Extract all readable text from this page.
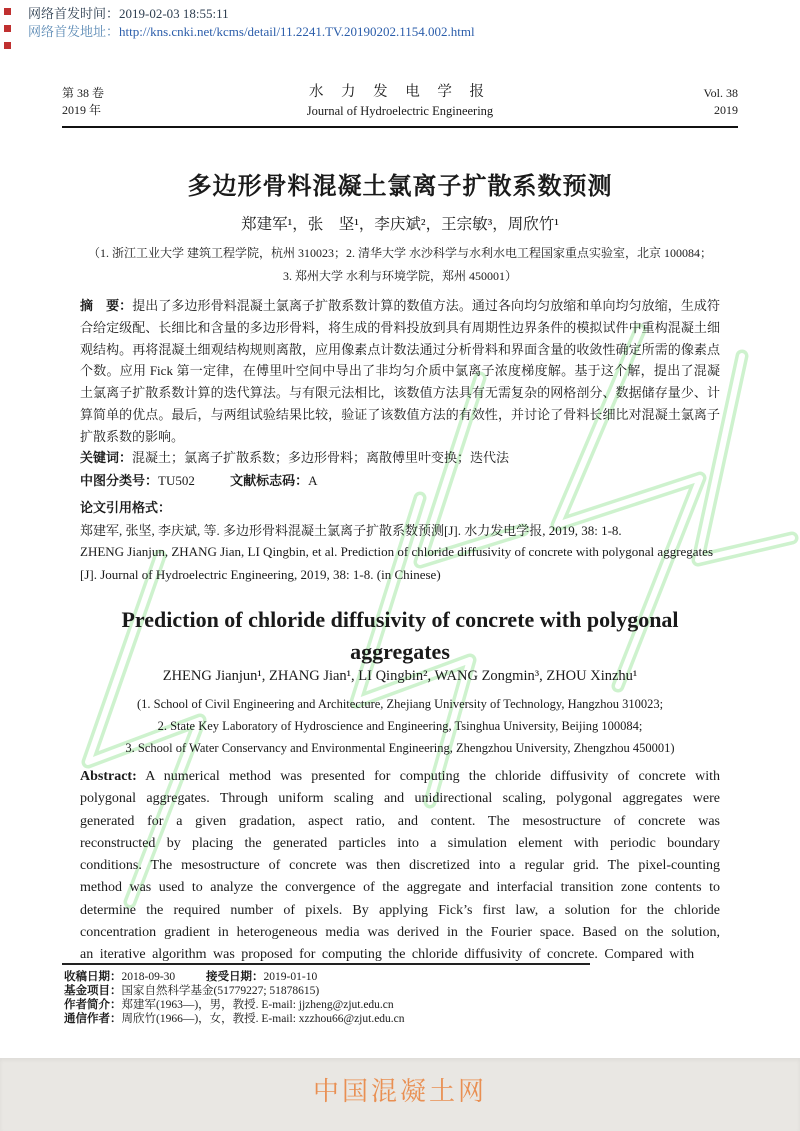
网络首发时间：2019-02-03 18:55:11
网络首发地址：http://kns.cnki.net/kcms/detail/11.2241.TV.20190202.1154.002.html
第 38 卷
2019 年
水 力 发 电 学 报
Journal of Hydroelectric Engineering
Vol. 38
2019
多边形骨料混凝土氯离子扩散系数预测
郑建军¹，张　坚¹，李庆斌²，王宗敏³，周欣竹¹
（1. 浙江工业大学 建筑工程学院，杭州 310023；2. 清华大学 水沙科学与水利水电工程国家重点实验室，北京 100084；
3. 郑州大学 水利与环境学院，郑州 450001）
摘　要：提出了多边形骨料混凝土氯离子扩散系数计算的数值方法。通过各向均匀放缩和单向均匀放缩，生成符合给定级配、长细比和含量的多边形骨料，将生成的骨料投放到具有周期性边界条件的模拟试件中重构混凝土细观结构。再将混凝土细观结构规则离散，应用像素点计数法通过分析骨料和界面含量的收敛性确定所需的像素点个数。应用 Fick 第一定律，在傅里叶空间中导出了非均匀介质中氯离子浓度梯度解。基于这个解，提出了混凝土氯离子扩散系数计算的迭代算法。与有限元法相比，该数值方法具有无需复杂的网格剖分、数据储存量少、计算简单的优点。最后，与两组试验结果比较，验证了该数值方法的有效性，并讨论了骨料长细比对混凝土氯离子扩散系数的影响。
关键词：混凝土；氯离子扩散系数；多边形骨料；离散傅里叶变换；迭代法
中图分类号：TU502	文献标志码：A
论文引用格式：
郑建军, 张坚, 李庆斌, 等. 多边形骨料混凝土氯离子扩散系数预测[J]. 水力发电学报, 2019, 38: 1-8.
ZHENG Jianjun, ZHANG Jian, LI Qingbin, et al. Prediction of chloride diffusivity of concrete with polygonal aggregates [J]. Journal of Hydroelectric Engineering, 2019, 38: 1-8. (in Chinese)
Prediction of chloride diffusivity of concrete with polygonal aggregates
ZHENG Jianjun¹, ZHANG Jian¹, LI Qingbin², WANG Zongmin³, ZHOU Xinzhu¹
(1. School of Civil Engineering and Architecture, Zhejiang University of Technology, Hangzhou 310023;
2. State Key Laboratory of Hydroscience and Engineering, Tsinghua University, Beijing 100084;
3. School of Water Conservancy and Environmental Engineering, Zhengzhou University, Zhengzhou 450001)
Abstract: A numerical method was presented for computing the chloride diffusivity of concrete with polygonal aggregates. Through uniform scaling and unidirectional scaling, polygonal aggregates were generated for a given gradation, aspect ratio, and content. The mesostructure of concrete was reconstructed by placing the generated particles into a simulation element with periodic boundary conditions. The mesostructure of concrete was then discretized into a regular grid. The pixel-counting method was used to analyze the convergence of the aggregate and interfacial transition zone contents to determine the required number of pixels. By applying Fick’s first law, a solution for the chloride concentration gradient in heterogeneous media was derived in the Fourier space. Based on the solution, an iterative algorithm was proposed for computing the chloride diffusivity of concrete. Compared with
收稿日期：2018-09-30	接受日期：2019-01-10
基金项目：国家自然科学基金(51779227; 51878615)
作者简介：郑建军(1963—)，男，教授. E-mail: jjzheng@zjut.edu.cn
通信作者：周欣竹(1966—)，女，教授. E-mail: xzzhou66@zjut.edu.cn
中国混凝土网
